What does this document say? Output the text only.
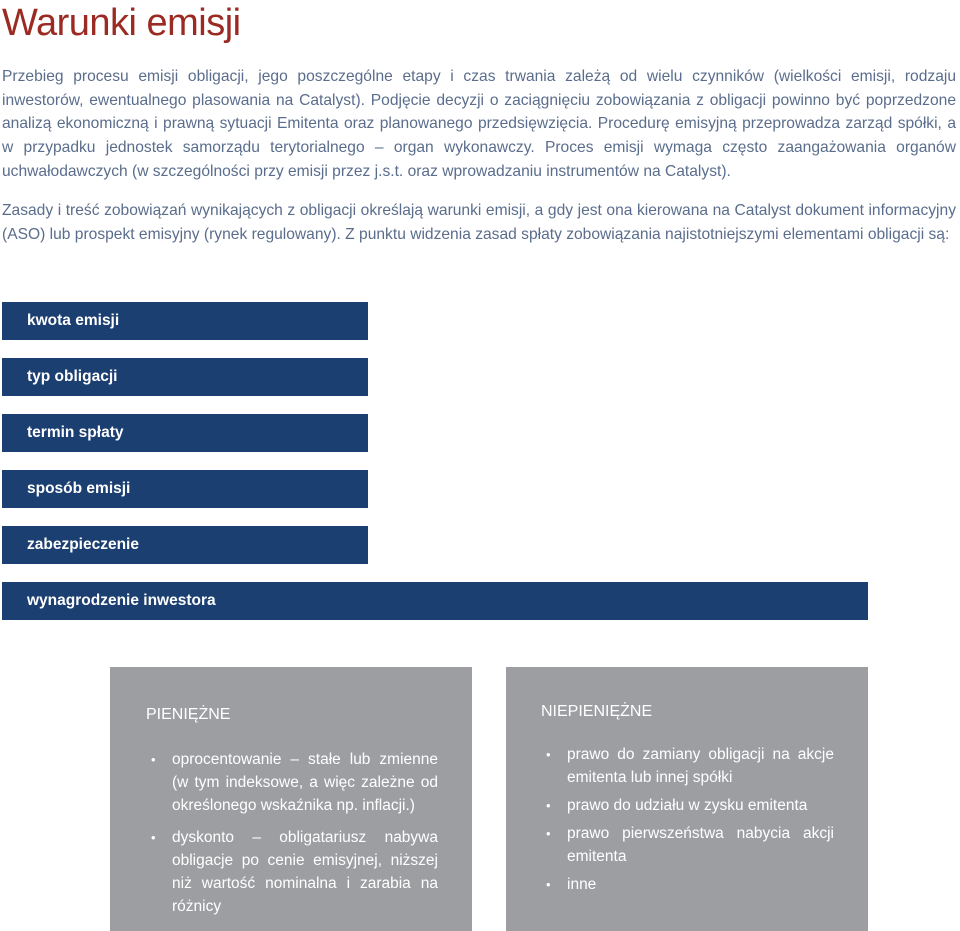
Warunki emisji

Przebieg procesu emisji obligacji, jego poszczególne etapy i czas trwania zależą od wielu czynników (wielkości emisji, rodzaju inwestorów, ewentualnego plasowania na Catalyst). Podjęcie decyzji o zaciągnięciu zobowiązania z obligacji powinno być poprzedzone analizą ekonomiczną i prawną sytuacji Emitenta oraz planowanego przedsięwzięcia. Procedurę emisyjną przeprowadza zarząd spółki, a w przypadku jednostek samorządu terytorialnego – organ wykonawczy. Proces emisji wymaga często zaangażowania organów uchwałodawczych (w szczególności przy emisji przez j.s.t. oraz wprowadzaniu instrumentów na Catalyst).

Zasady i treść zobowiązań wynikających z obligacji określają warunki emisji, a gdy jest ona kierowana na Catalyst dokument informacyjny (ASO) lub prospekt emisyjny (rynek regulowany). Z punktu widzenia zasad spłaty zobowiązania najistotniejszymi elementami obligacji są:

kwota emisji
typ obligacji
termin spłaty
sposób emisji
zabezpieczenie
wynagrodzenie inwestora
PIENIĘŻNE
• oprocentowanie – stałe lub zmienne (w tym indeksowe, a więc zależne od określonego wskaźnika np. inflacji.)
• dyskonto – obligatariusz nabywa obligacje po cenie emisyjnej, niższej niż wartość nominalna i zarabia na różnicy
NIEPIENIĘŻNE
• prawo do zamiany obligacji na akcje emitenta lub innej spółki
• prawo do udziału w zysku emitenta
• prawo pierwszeństwa nabycia akcji emitenta
• inne
